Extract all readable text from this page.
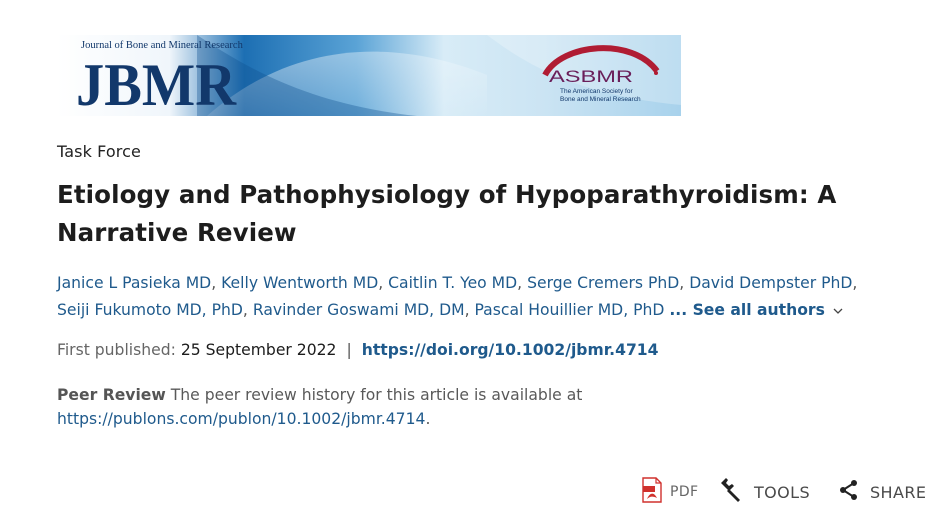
Journal of Bone and Mineral Research
JBMR	ASBMR
The American Society for
Bone and Mineral Research
Task Force
Etiology and Pathophysiology of Hypoparathyroidism: A
Narrative Review
Janice L Pasieka MD, Kelly Wentworth MD, Caitlin T. Yeo MD, Serge Cremers PhD, David Dempster PhD,
Seiji Fukumoto MD, PhD, Ravinder Goswami MD, DM, Pascal Houillier MD, PhD ... See all authors
First published: 25 September 2022 | https://doi.org/10.1002/jbmr.4714
Peer Review The peer review history for this article is available at
https://publons.com/publon/10.1002/jbmr.4714.
PDF	TOOLS	SHARE
